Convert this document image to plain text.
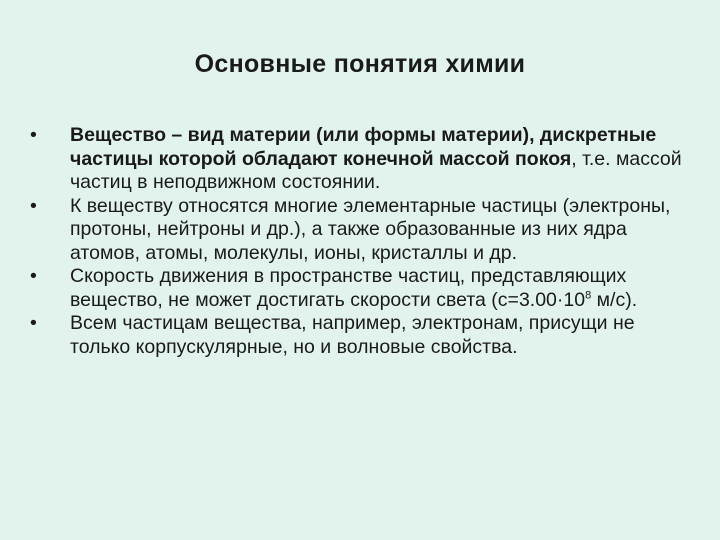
Основные понятия химии

•	Вещество – вид материи (или формы материи), дискретные частицы которой обладают конечной массой покоя, т.е. массой частиц в неподвижном состоянии.

•	К веществу относятся многие элементарные частицы (электроны, протоны, нейтроны и др.), а также образованные из них ядра атомов, атомы, молекулы, ионы, кристаллы и др.

•	Скорость движения в пространстве частиц, представляющих вещество, не может достигать скорости света ($с=3.00\cdot 10^8$ м/с).

•	Всем частицам вещества, например, электронам, присущи не только корпускулярные, но и волновые свойства.
